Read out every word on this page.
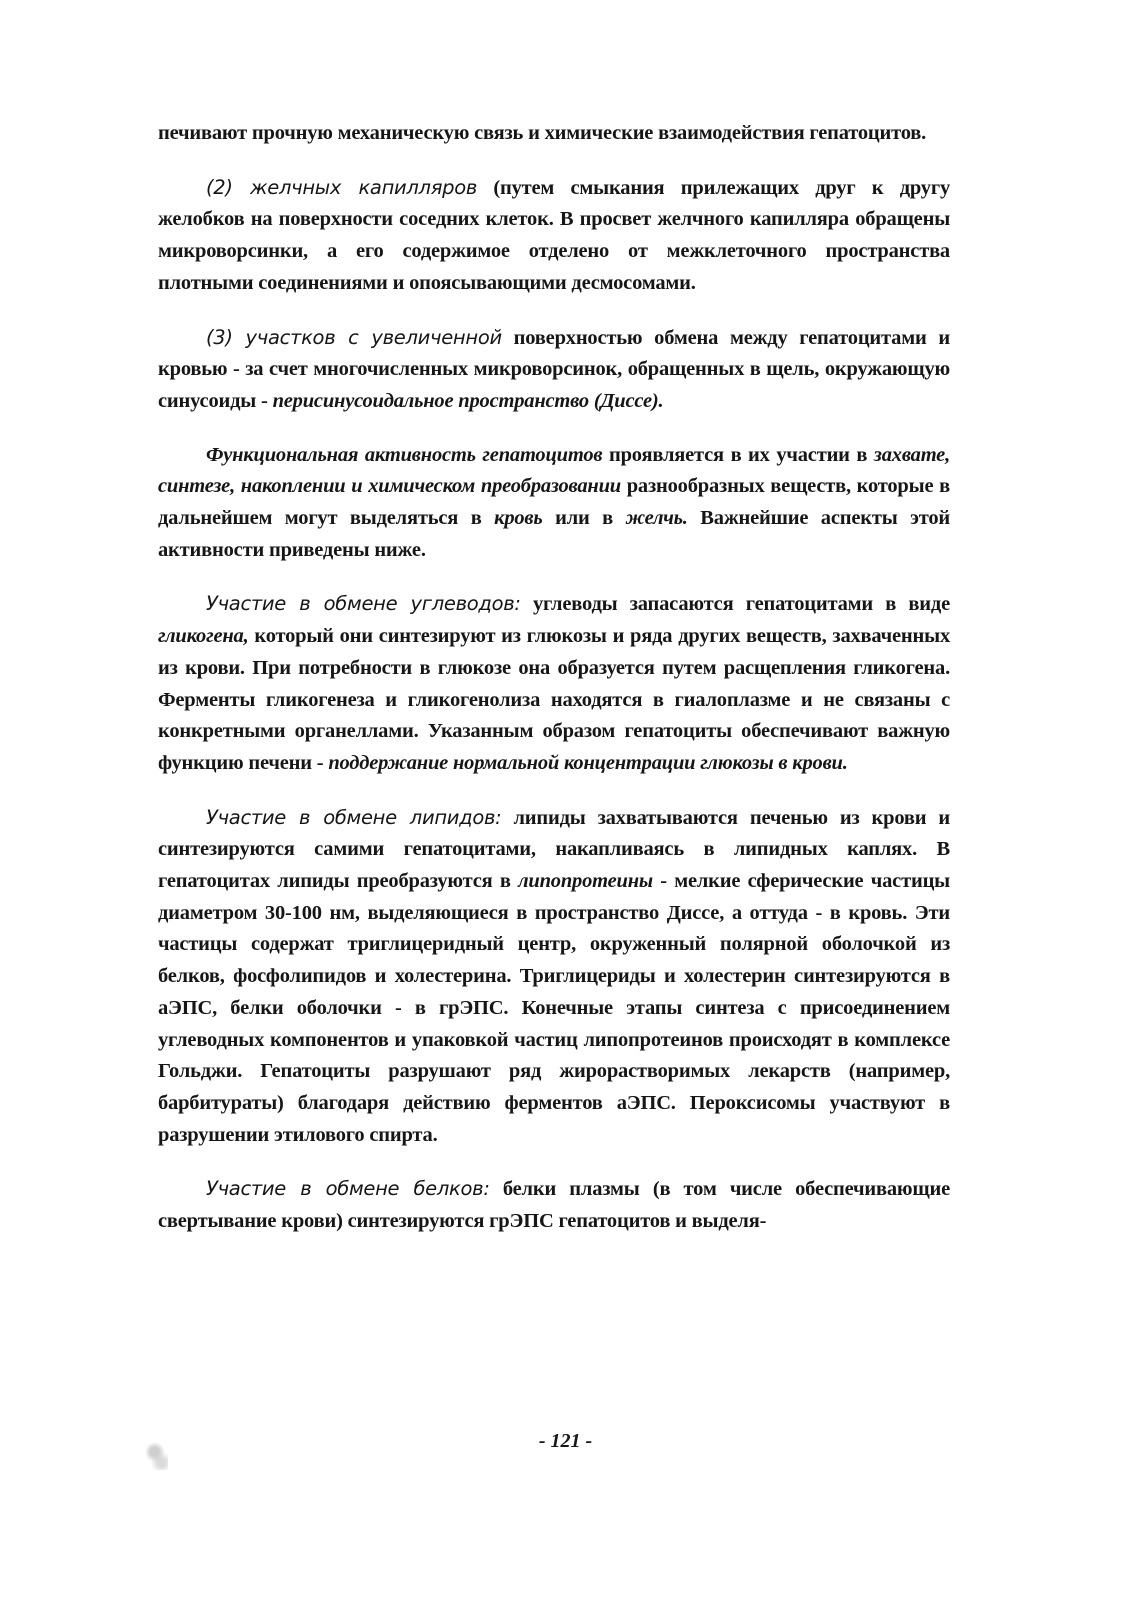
печивают прочную механическую связь и химические взаимодействия гепатоцитов.

(2) желчных капилляров (путем смыкания прилежащих друг к другу желобков на поверхности соседних клеток. В просвет желчного капилляра обращены микроворсинки, а его содержимое отделено от межклеточного пространства плотными соединениями и опоясывающими десмосомами.

(3) участков с увеличенной поверхностью обмена между гепатоцитами и кровью - за счет многочисленных микроворсинок, обращенных в щель, окружающую синусоиды - перисинусоидальное пространство (Диссе).

Функциональная активность гепатоцитов проявляется в их участии в захвате, синтезе, накоплении и химическом преобразовании разнообразных веществ, которые в дальнейшем могут выделяться в кровь или в желчь. Важнейшие аспекты этой активности приведены ниже.

Участие в обмене углеводов: углеводы запасаются гепатоцитами в виде гликогена, который они синтезируют из глюкозы и ряда других веществ, захваченных из крови. При потребности в глюкозе она образуется путем расщепления гликогена. Ферменты гликогенеза и гликогенолиза находятся в гиалоплазме и не связаны с конкретными органеллами. Указанным образом гепатоциты обеспечивают важную функцию печени - поддержание нормальной концентрации глюкозы в крови.

Участие в обмене липидов: липиды захватываются печенью из крови и синтезируются самими гепатоцитами, накапливаясь в липидных каплях. В гепатоцитах липиды преобразуются в липопротеины - мелкие сферические частицы диаметром 30-100 нм, выделяющиеся в пространство Диссе, а оттуда - в кровь. Эти частицы содержат триглицеридный центр, окруженный полярной оболочкой из белков, фосфолипидов и холестерина. Триглицериды и холестерин синтезируются в аЭПС, белки оболочки - в грЭПС. Конечные этапы синтеза с присоединением углеводных компонентов и упаковкой частиц липопротеинов происходят в комплексе Гольджи. Гепатоциты разрушают ряд жирорастворимых лекарств (например, барбитураты) благодаря действию ферментов аЭПС. Пероксисомы участвуют в разрушении этилового спирта.

Участие в обмене белков: белки плазмы (в том числе обеспечивающие свертывание крови) синтезируются грЭПС гепатоцитов и выделя-

- 121 -
